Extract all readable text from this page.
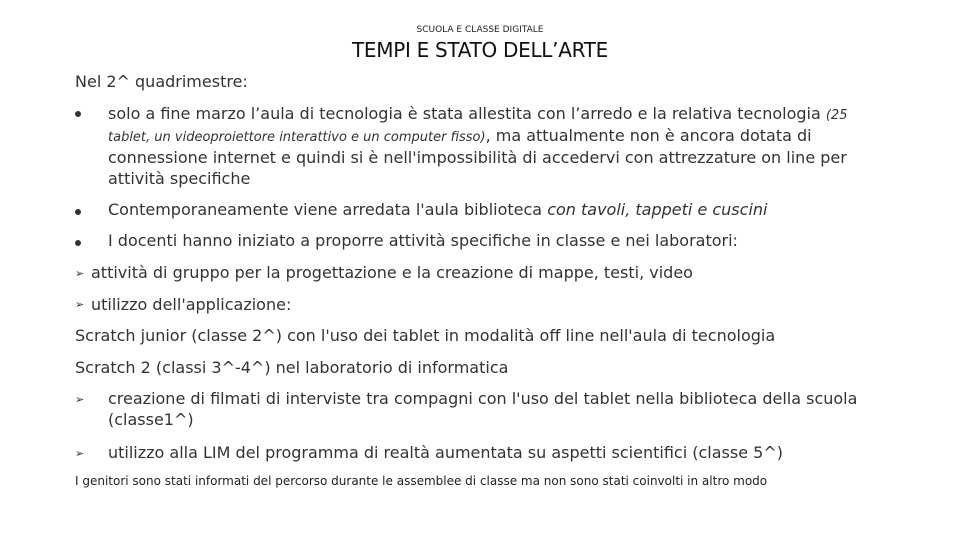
SCUOLA E CLASSE DIGITALE
TEMPI E STATO DELL’ARTE
Nel 2^ quadrimestre:
solo a fine marzo l’aula di tecnologia è stata allestita con l’arredo e la relativa tecnologia (25
tablet, un videoproiettore interattivo e un computer fisso), ma attualmente non è ancora dotata di
connessione internet e quindi si è nell'impossibilità di accedervi con attrezzature on line per
attività specifiche
Contemporaneamente viene arredata l'aula biblioteca con tavoli, tappeti e cuscini
I docenti hanno iniziato a proporre attività specifiche in classe e nei laboratori:
➢ attività di gruppo per la progettazione e la creazione di mappe, testi, video
➢ utilizzo dell'applicazione:
Scratch junior (classe 2^) con l'uso dei tablet in modalità off line nell'aula di tecnologia
Scratch 2 (classi 3^-4^) nel laboratorio di informatica
➢ creazione di filmati di interviste tra compagni con l'uso del tablet nella biblioteca della scuola
(classe1^)
➢ utilizzo alla LIM del programma di realtà aumentata su aspetti scientifici (classe 5^)
I genitori sono stati informati del percorso durante le assemblee di classe ma non sono stati coinvolti in altro modo
